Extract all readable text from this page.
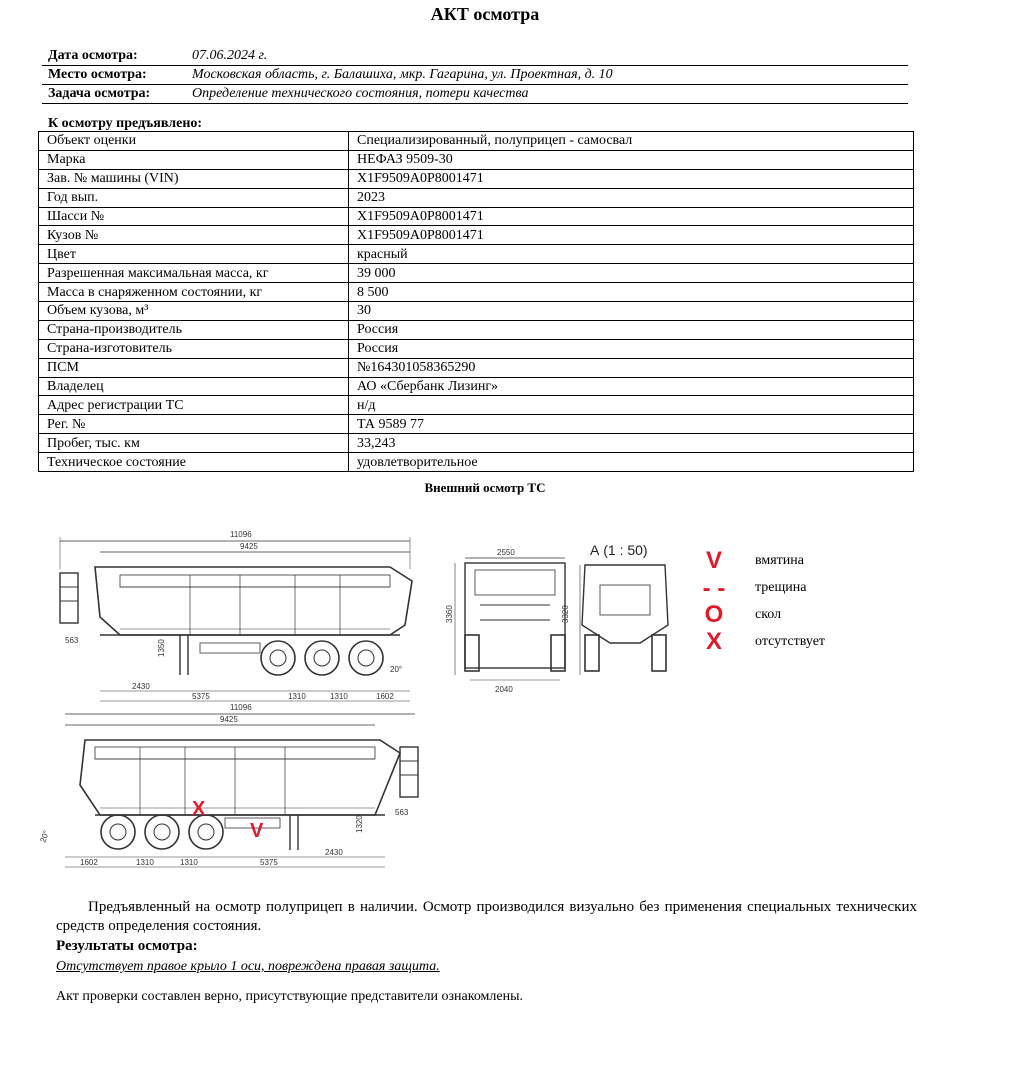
АКТ осмотра
Дата осмотра:	07.06.2024 г.
Место осмотра:	Московская область, г. Балашиха, мкр. Гагарина, ул. Проектная, д. 10
Задача осмотра:	Определение технического состояния, потери качества
К осмотру предъявлено:
Объект оценки	Специализированный, полуприцеп - самосвал
Марка	НЕФАЗ 9509-30
Зав. № машины (VIN)	X1F9509A0P8001471
Год вып.	2023
Шасси №	X1F9509A0P8001471
Кузов №	X1F9509A0P8001471
Цвет	красный
Разрешенная максимальная масса, кг	39 000
Масса в снаряженном состоянии, кг	8 500
Объем кузова, м³	30
Страна-производитель	Россия
Страна-изготовитель	Россия
ПСМ	№164301058365290
Владелец	АО «Сбербанк Лизинг»
Адрес регистрации ТС	н/д
Рег. №	ТА 9589 77
Пробег, тыс. км	33,243
Техническое состояние	удовлетворительное
Внешний осмотр ТС
11096
9425
563	1350
20°
2430
5375	1310	1310	1602
11096
9425
563
1320
20°
2430
1602	1310	1310	5375
X
V
2550
3360
2040
А (1 : 50)
3320
V вмятина
- - трещина
O скол
X отсутствует
Предъявленный на осмотр полуприцеп в наличии. Осмотр производился визуально без применения специальных технических средств определения состояния.
Результаты осмотра:
Отсутствует правое крыло 1 оси, повреждена правая защита.
Акт проверки составлен верно, присутствующие представители ознакомлены.
